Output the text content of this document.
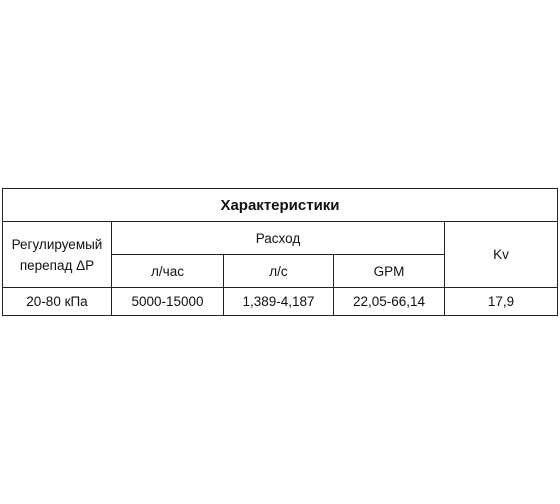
Характеристики				
Регулируемый
перепад ΔP	Расход			Kv
	л/час	л/с	GPM	
20-80 кПа	5000-15000	1,389-4,187	22,05-66,14	17,9
